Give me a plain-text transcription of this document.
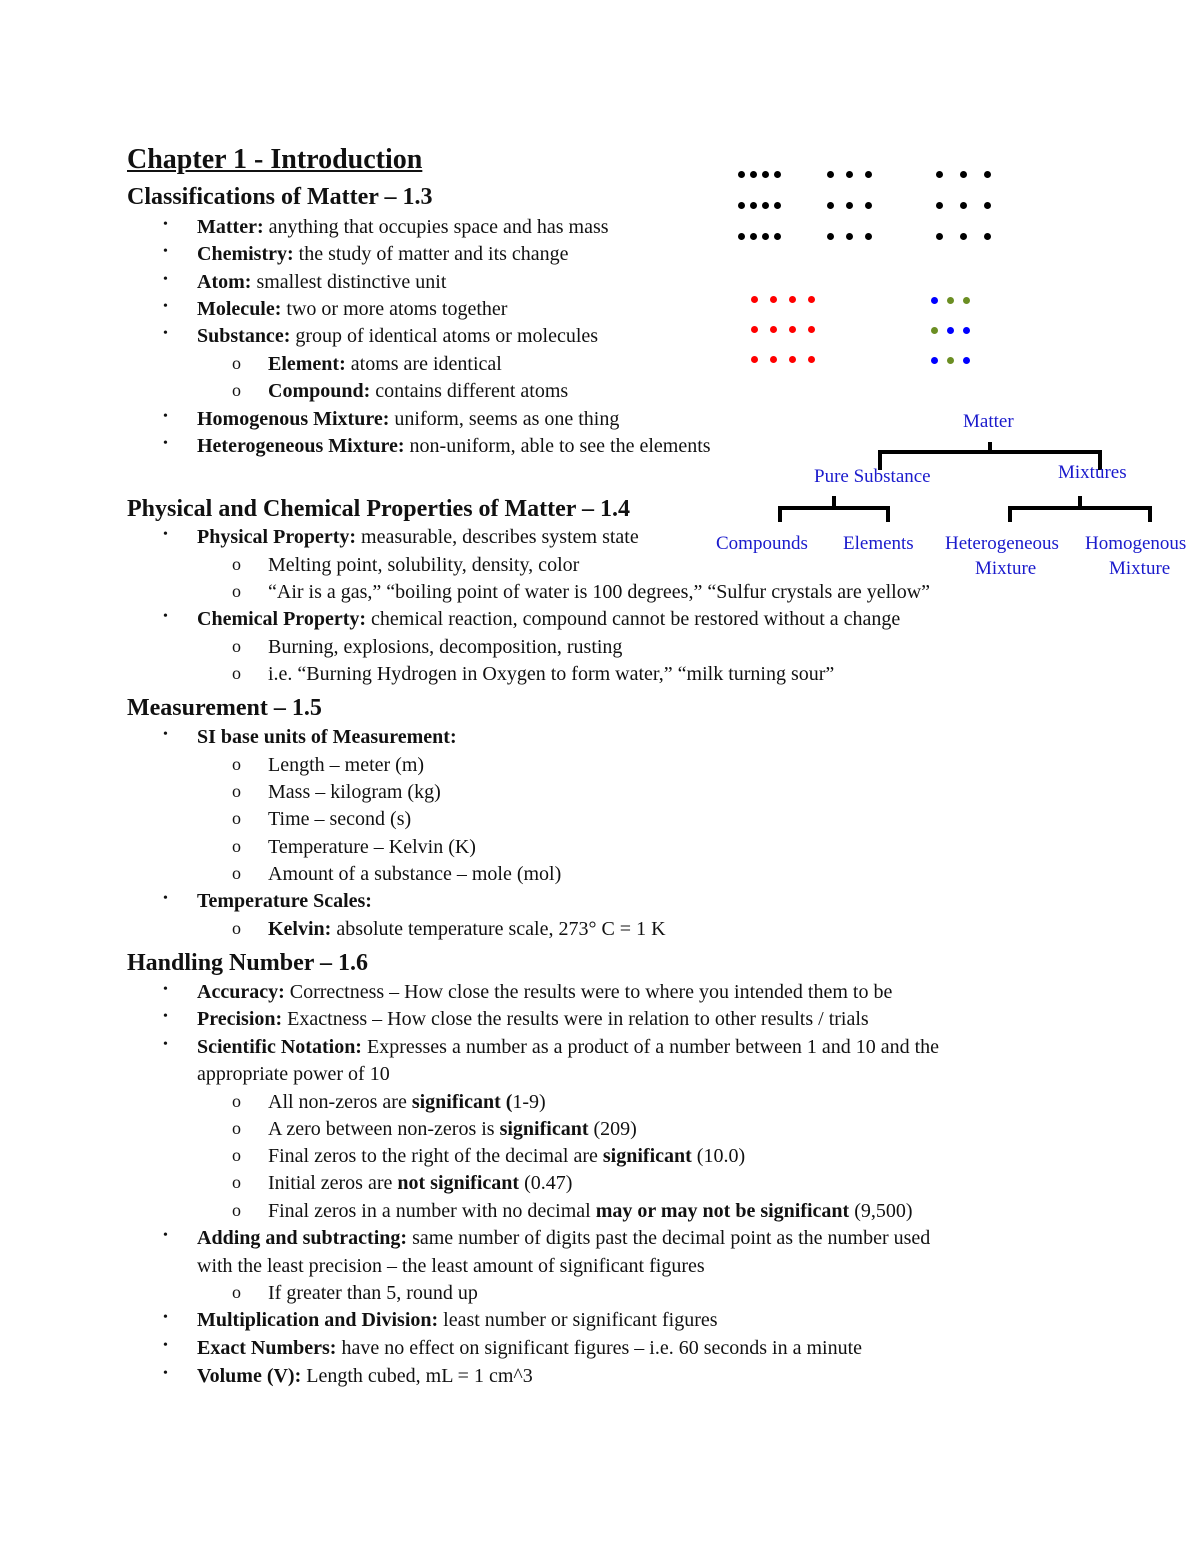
Chapter 1 - Introduction
Classifications of Matter – 1.3
• Matter: anything that occupies space and has mass
• Chemistry: the study of matter and its change
• Atom: smallest distinctive unit
• Molecule: two or more atoms together
• Substance: group of identical atoms or molecules
o Element: atoms are identical
o Compound: contains different atoms
• Homogenous Mixture: uniform, seems as one thing
• Heterogeneous Mixture: non-uniform, able to see the elements
Matter
Pure Substance	Mixtures
Compounds Elements Heterogeneous
Mixture
Homogenous
Mixture
Physical and Chemical Properties of Matter – 1.4
• Physical Property: measurable, describes system state
o Melting point, solubility, density, color
o “Air is a gas,” “boiling point of water is 100 degrees,” “Sulfur crystals are yellow”
• Chemical Property: chemical reaction, compound cannot be restored without a change
o Burning, explosions, decomposition, rusting
o i.e. “Burning Hydrogen in Oxygen to form water,” “milk turning sour”
Measurement – 1.5
• SI base units of Measurement:
o Length – meter (m)
o Mass – kilogram (kg)
o Time – second (s)
o Temperature – Kelvin (K)
o Amount of a substance – mole (mol)
• Temperature Scales:
o Kelvin: absolute temperature scale, 273° C = 1 K
Handling Number – 1.6
• Accuracy: Correctness – How close the results were to where you intended them to be
• Precision: Exactness – How close the results were in relation to other results / trials
• Scientific Notation: Expresses a number as a product of a number between 1 and 10 and the
appropriate power of 10
o All non-zeros are significant (1-9)
o A zero between non-zeros is significant (209)
o Final zeros to the right of the decimal are significant (10.0)
o Initial zeros are not significant (0.47)
o Final zeros in a number with no decimal may or may not be significant (9,500)
• Adding and subtracting: same number of digits past the decimal point as the number used
with the least precision – the least amount of significant figures
o If greater than 5, round up
• Multiplication and Division: least number or significant figures
• Exact Numbers: have no effect on significant figures – i.e. 60 seconds in a minute
• Volume (V): Length cubed, mL = 1 cm^3
